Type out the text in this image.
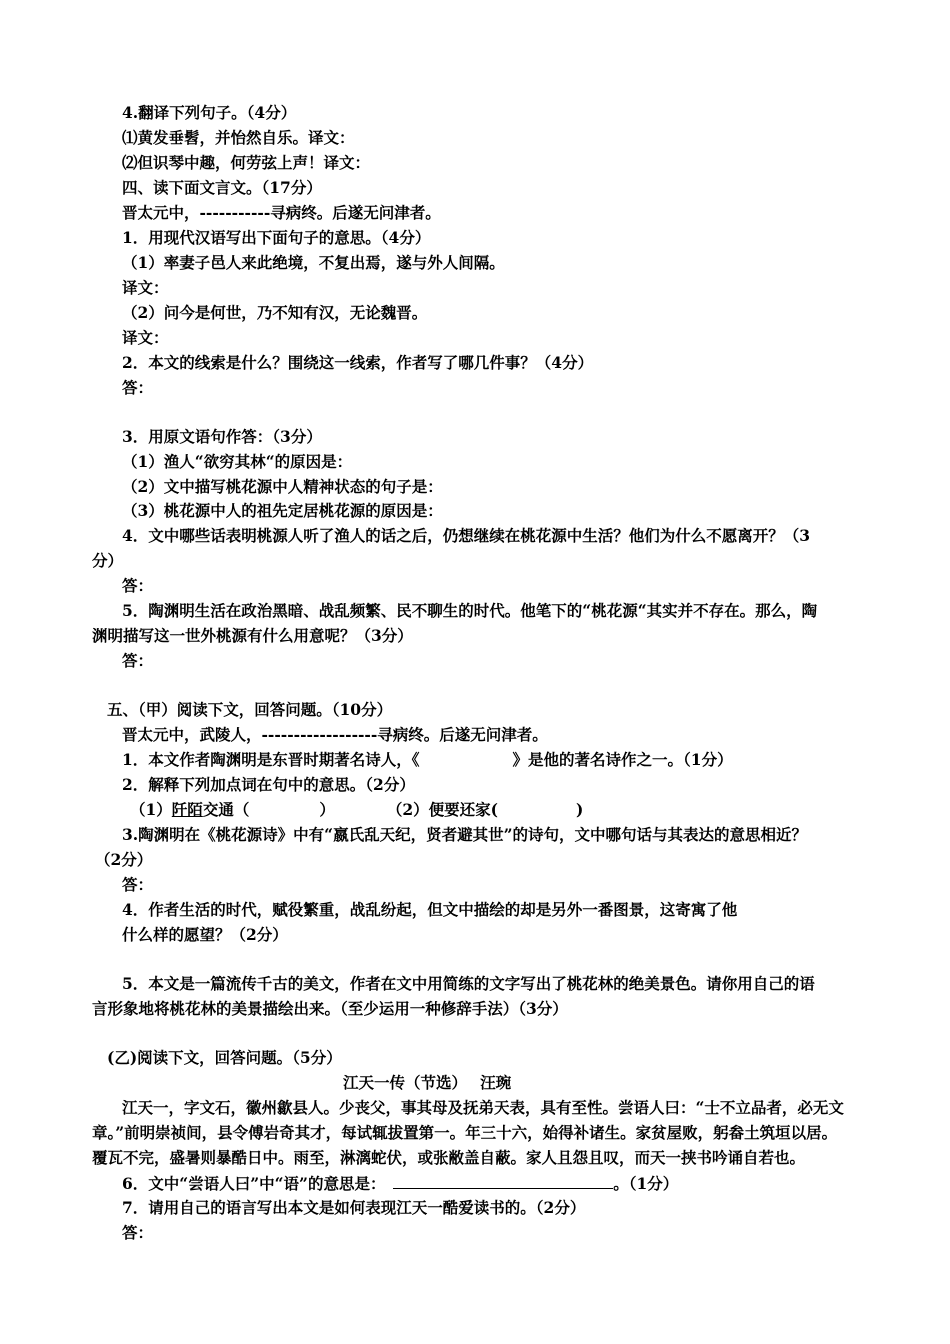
4.翻译下列句子。（4分）
⑴黄发垂髫，并怡然自乐。译文：
⑵但识琴中趣，何劳弦上声！译文：
四、读下面文言文。（17分）
晋太元中，-----------寻病终。后遂无问津者。
1．用现代汉语写出下面句子的意思。（4分）
（1）率妻子邑人来此绝境，不复出焉，遂与外人间隔。
译文：
（2）问今是何世，乃不知有汉，无论魏晋。
译文：
2．本文的线索是什么？围绕这一线索，作者写了哪几件事？（4分）
答：
3．用原文语句作答：（3分）
（1）渔人“欲穷其林“的原因是：
（2）文中描写桃花源中人精神状态的句子是：
（3）桃花源中人的祖先定居桃花源的原因是：
4．文中哪些话表明桃源人听了渔人的话之后，仍想继续在桃花源中生活？他们为什么不愿离开？（3
分）
答：
5．陶渊明生活在政治黑暗、战乱频繁、民不聊生的时代。他笔下的“桃花源“其实并不存在。那么，陶
渊明描写这一世外桃源有什么用意呢？（3分）
答：
五、（甲）阅读下文，回答问题。（10分）
晋太元中，武陵人，------------------寻病终。后遂无问津者。
1．本文作者陶渊明是东晋时期著名诗人，《　　　　　　》是他的著名诗作之一。（1分）
2．解释下列加点词在句中的意思。（2分）
（1）阡陌交通（	）	（2）便要还家(	)
3.陶渊明在《桃花源诗》中有“嬴氏乱天纪，贤者避其世”的诗句，文中哪句话与其表达的意思相近？
（2分）
答：
4．作者生活的时代，赋役繁重，战乱纷起，但文中描绘的却是另外一番图景，这寄寓了他
什么样的愿望？（2分）
5．本文是一篇流传千古的美文，作者在文中用简练的文字写出了桃花林的绝美景色。请你用自己的语
言形象地将桃花林的美景描绘出来。（至少运用一种修辞手法）（3分）
(乙)阅读下文，回答问题。（5分）
江天一传（节选）　 汪琬
江天一，字文石，徽州歙县人。少丧父，事其母及抚弟天表，具有至性。尝语人曰：“士不立品者，必无文
章。”前明崇祯间，县令傅岩奇其才，每试辄拔置第一。年三十六，始得补诸生。家贫屋败，躬畚土筑垣以居。
覆瓦不完，盛暑则暴酷日中。雨至，淋漓蛇伏，或张敝盖自蔽。家人且怨且叹，而天一挟书吟诵自若也。
6．文中“尝语人曰”中“语”的意思是：　	。（1分）
7．请用自己的语言写出本文是如何表现江天一酷爱读书的。（2分）
答：
